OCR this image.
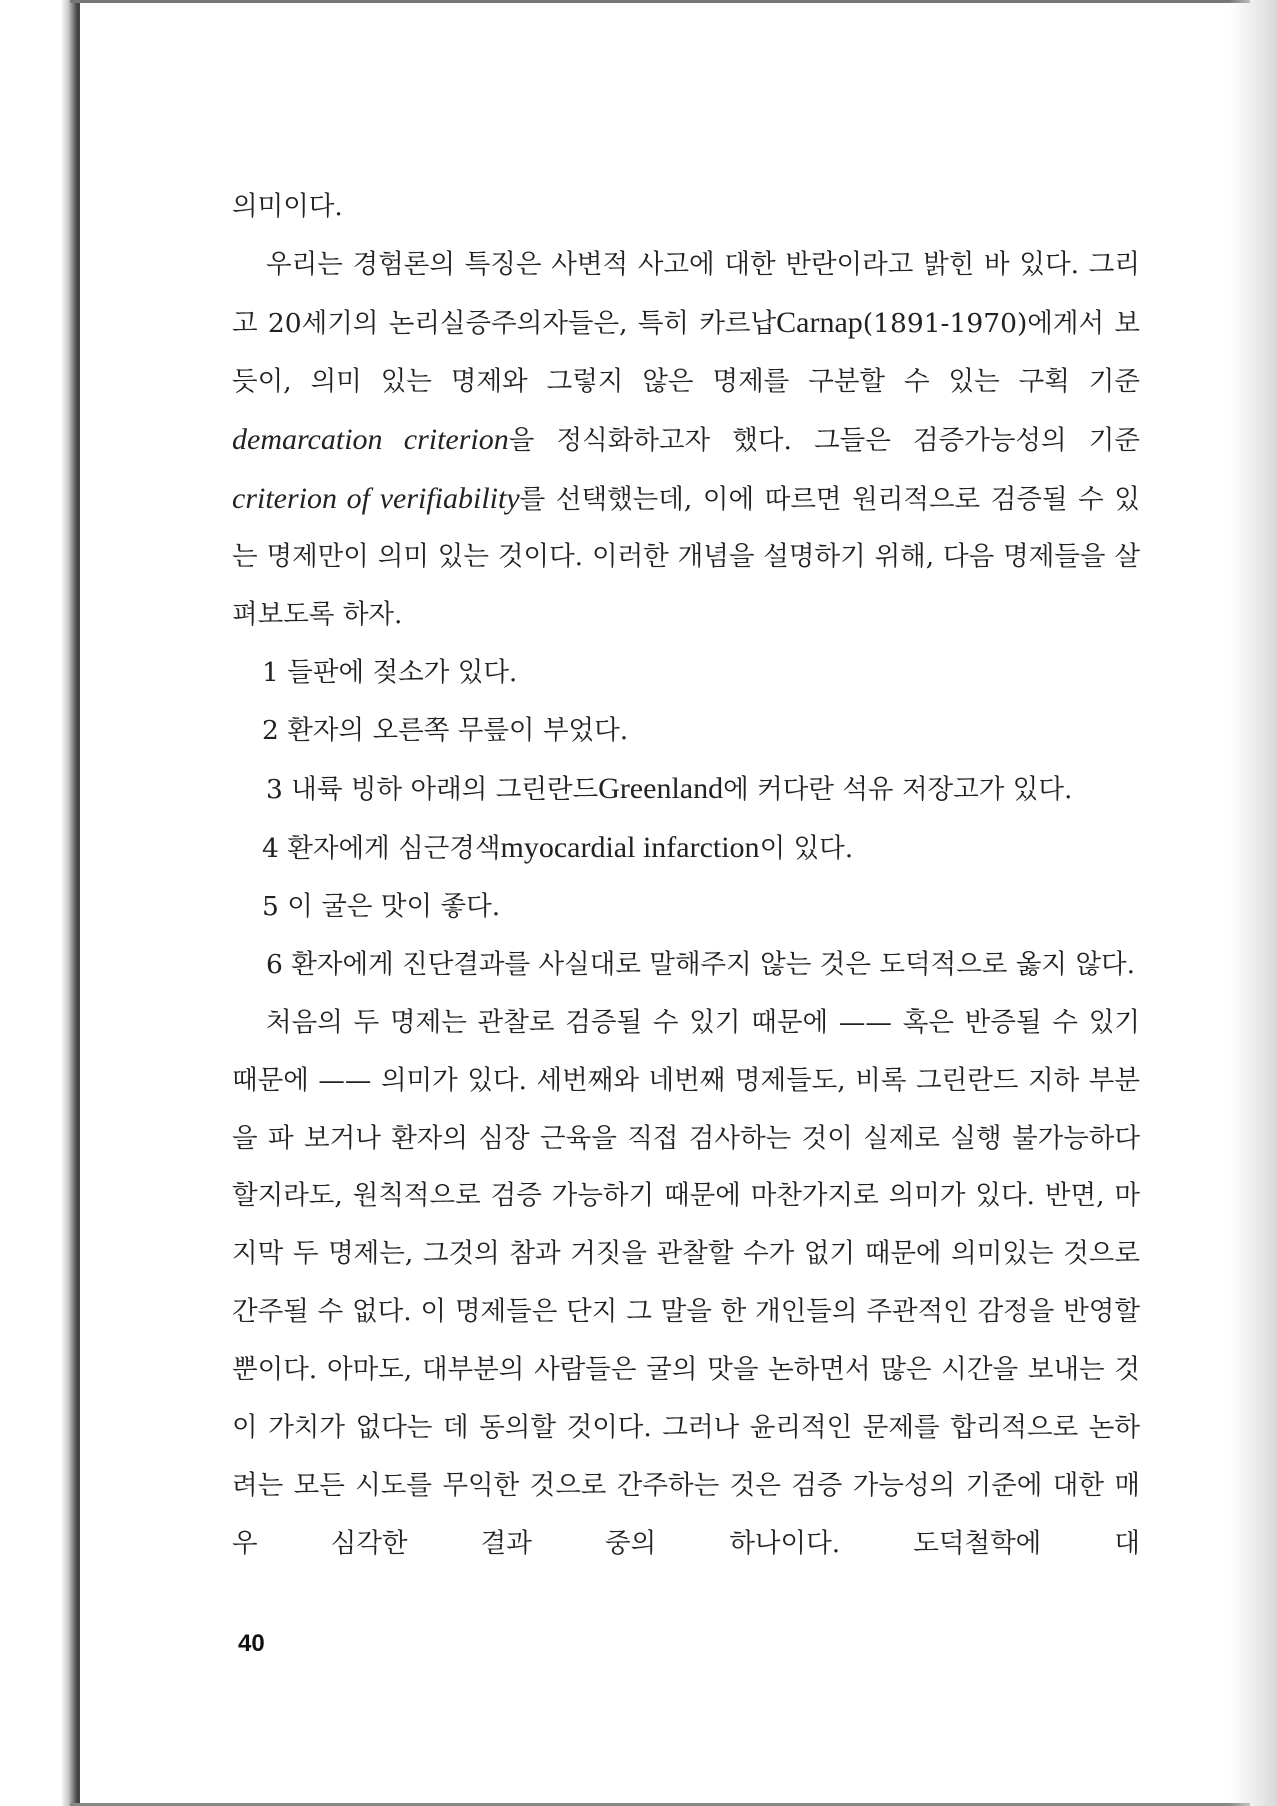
의미이다.

우리는 경험론의 특징은 사변적 사고에 대한 반란이라고 밝힌 바 있다. 그리고 20세기의 논리실증주의자들은, 특히 카르납Carnap(1891-1970)에게서 보듯이, 의미 있는 명제와 그렇지 않은 명제를 구분할 수 있는 구획 기준demarcation criterion을 정식화하고자 했다. 그들은 검증가능성의 기준criterion of verifiability를 선택했는데, 이에 따르면 원리적으로 검증될 수 있는 명제만이 의미 있는 것이다. 이러한 개념을 설명하기 위해, 다음 명제들을 살펴보도록 하자.

1 들판에 젖소가 있다.

2 환자의 오른쪽 무릎이 부었다.

3 내륙 빙하 아래의 그린란드Greenland에 커다란 석유 저장고가 있다.

4 환자에게 심근경색myocardial infarction이 있다.

5 이 굴은 맛이 좋다.

6 환자에게 진단결과를 사실대로 말해주지 않는 것은 도덕적으로 옳지 않다.

처음의 두 명제는 관찰로 검증될 수 있기 때문에 —— 혹은 반증될 수 있기 때문에 —— 의미가 있다. 세번째와 네번째 명제들도, 비록 그린란드 지하 부분을 파 보거나 환자의 심장 근육을 직접 검사하는 것이 실제로 실행 불가능하다 할지라도, 원칙적으로 검증 가능하기 때문에 마찬가지로 의미가 있다. 반면, 마지막 두 명제는, 그것의 참과 거짓을 관찰할 수가 없기 때문에 의미있는 것으로 간주될 수 없다. 이 명제들은 단지 그 말을 한 개인들의 주관적인 감정을 반영할 뿐이다. 아마도, 대부분의 사람들은 굴의 맛을 논하면서 많은 시간을 보내는 것이 가치가 없다는 데 동의할 것이다. 그러나 윤리적인 문제를 합리적으로 논하려는 모든 시도를 무익한 것으로 간주하는 것은 검증 가능성의 기준에 대한 매우 심각한 결과 중의 하나이다. 도덕철학에 대

40
